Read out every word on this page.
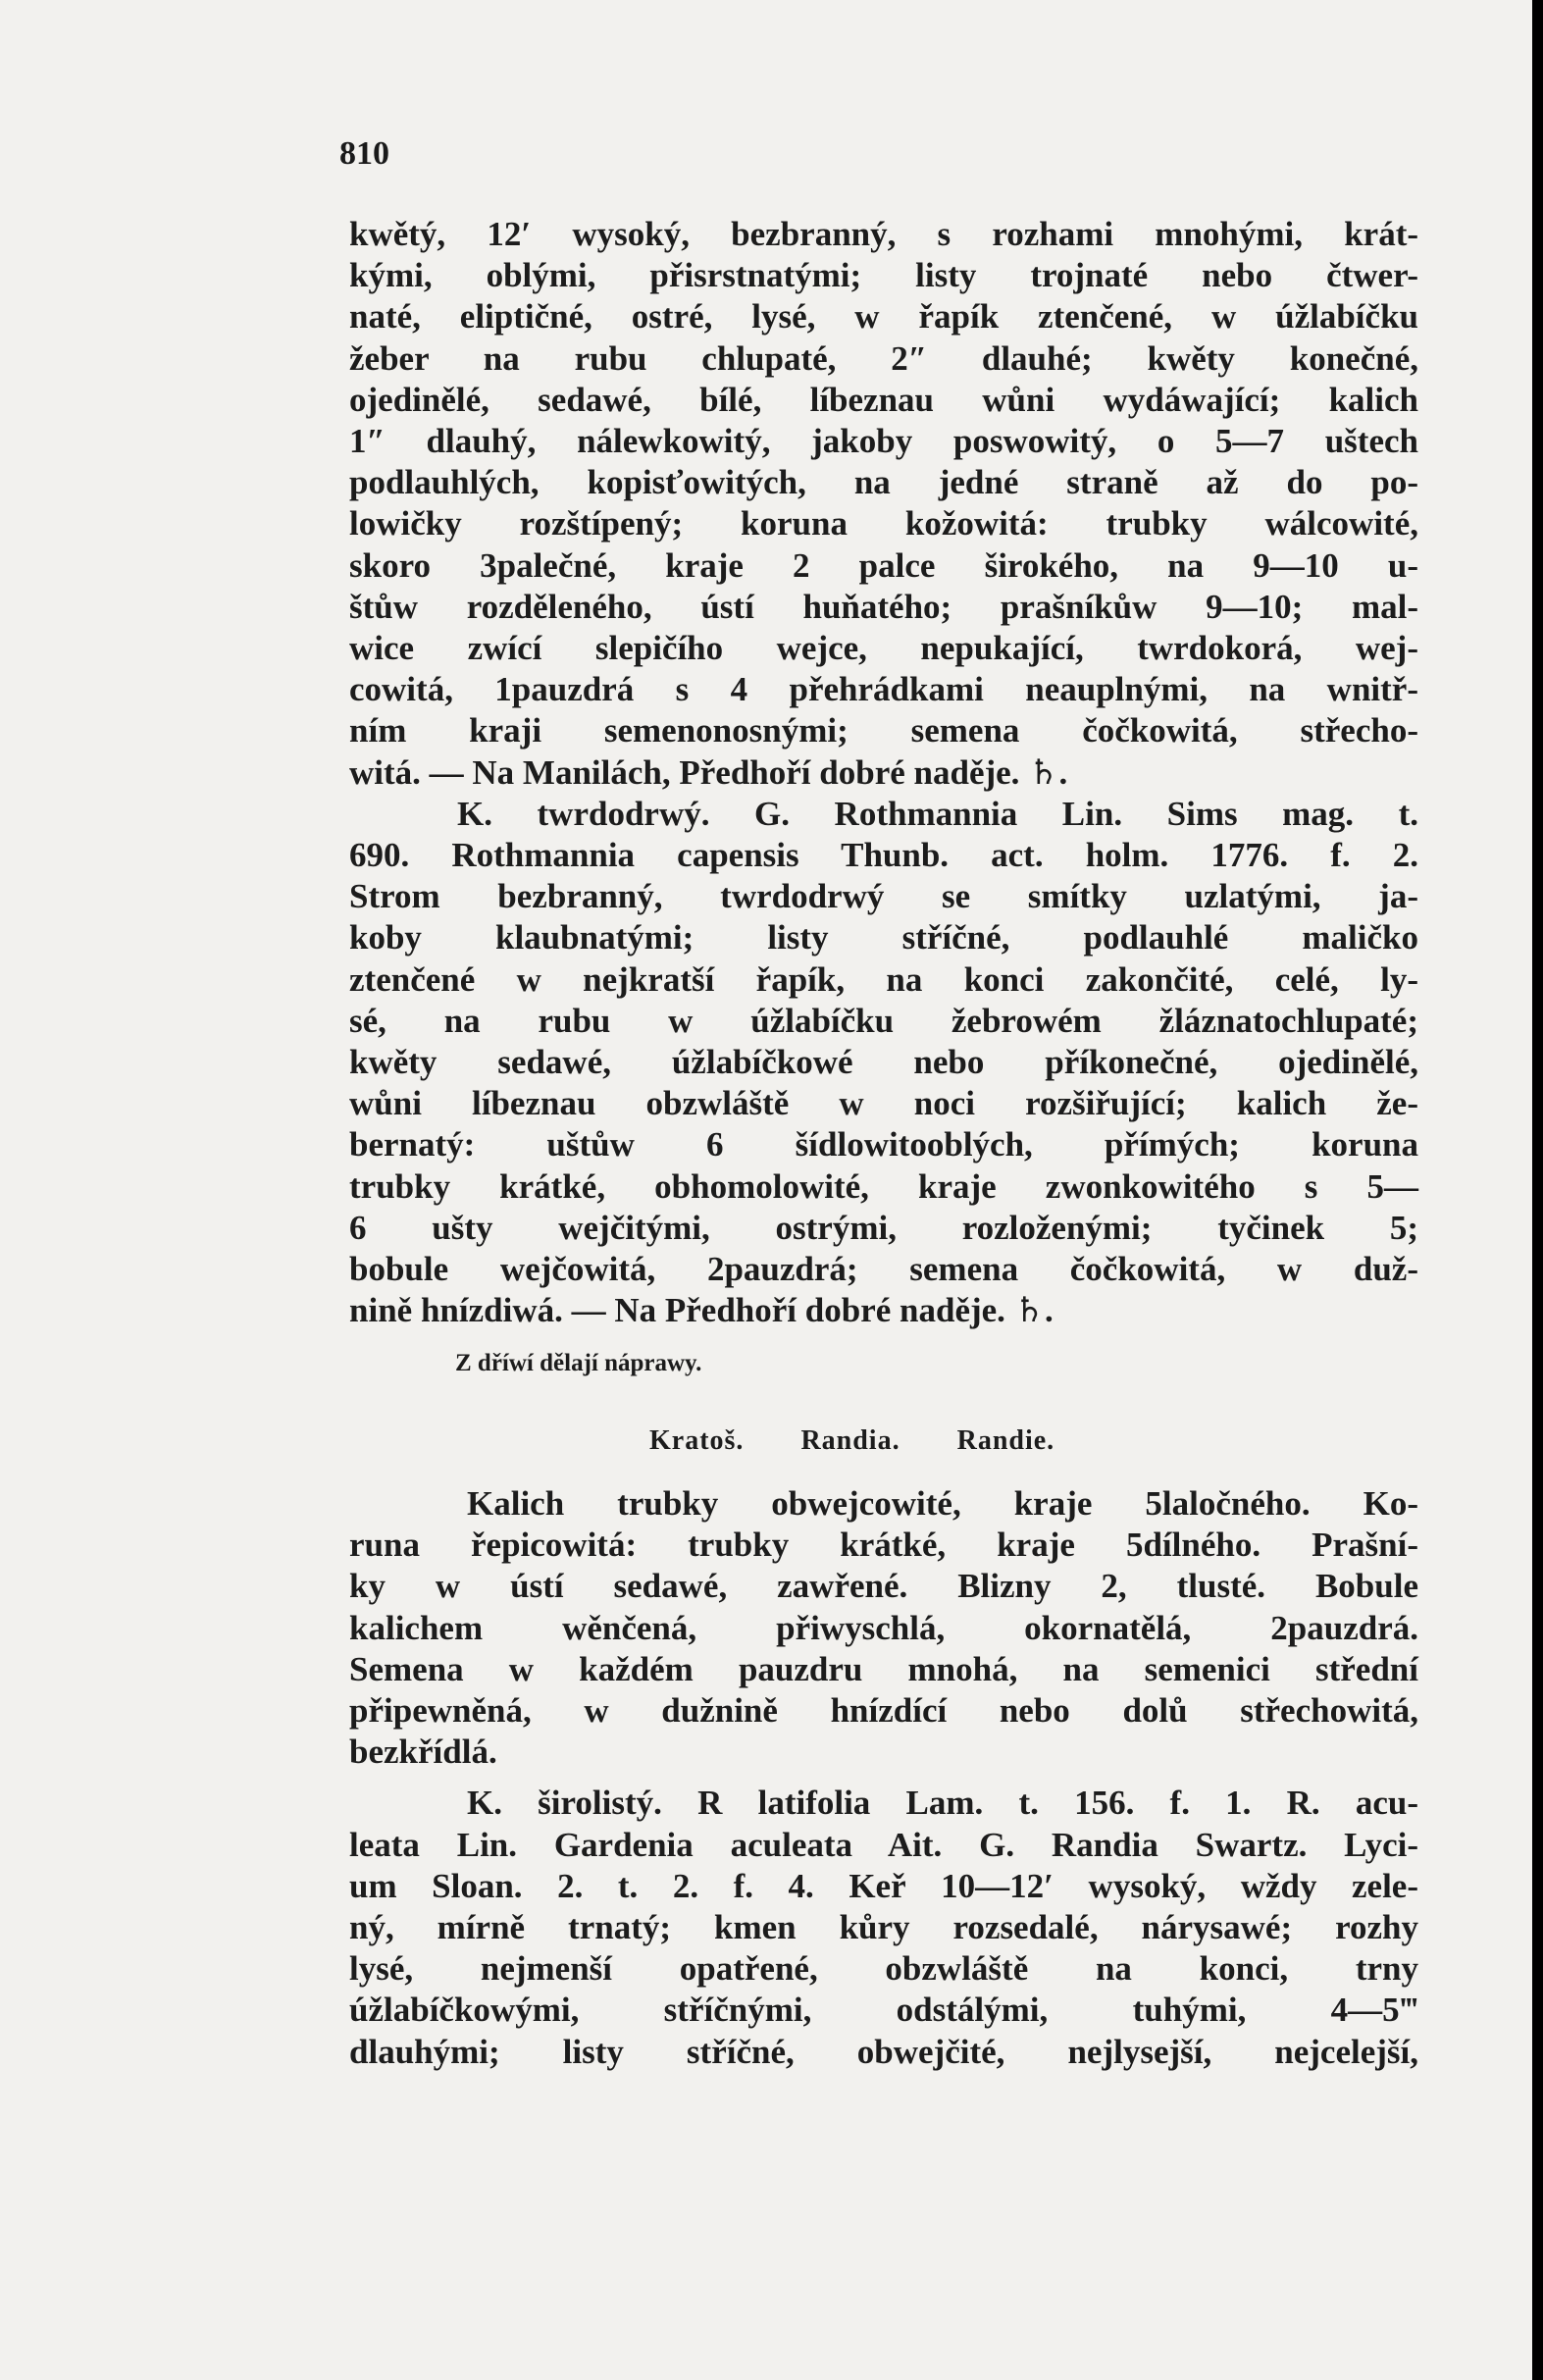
810
kwětý, 12′ wysoký, bezbranný, s rozhami mnohými, krát-
kými, oblými, přisrstnatými; listy trojnaté nebo čtwer-
naté, eliptičné, ostré, lysé, w řapík ztenčené, w úžlabíčku
žeber na rubu chlupaté, 2″ dlauhé; kwěty konečné,
ojedinělé, sedawé, bílé, líbeznau wůni wydáwající; kalich
1″ dlauhý, nálewkowitý, jakoby poswowitý, o 5—7 uštech
podlauhlých, kopisťowitých, na jedné straně až do po-
lowičky rozštípený; koruna kožowitá: trubky wálcowité,
skoro 3palečné, kraje 2 palce širokého, na 9—10 u-
štůw rozděleného, ústí huňatého; prašníkůw 9—10; mal-
wice zwící slepičího wejce, nepukající, twrdokorá, wej-
cowitá, 1pauzdrá s 4 přehrádkami neauplnými, na wnitř-
ním kraji semenonosnými; semena čočkowitá, střecho-
witá. — Na Manilách, Předhoří dobré naděje. ♄.
K. twrdodrwý. G. Rothmannia Lin. Sims mag. t.
690. Rothmannia capensis Thunb. act. holm. 1776. f. 2.
Strom bezbranný, twrdodrwý se smítky uzlatými, ja-
koby klaubnatými; listy stříčné, podlauhlé maličko
ztenčené w nejkratší řapík, na konci zakončité, celé, ly-
sé, na rubu w úžlabíčku žebrowém žláznatochlupaté;
kwěty sedawé, úžlabíčkowé nebo příkonečné, ojedinělé,
wůni líbeznau obzwláště w noci rozšiřující; kalich že-
bernatý: uštůw 6 šídlowitooblých, přímých; koruna
trubky krátké, obhomolowité, kraje zwonkowitého s 5—
6 ušty wejčitými, ostrými, rozloženými; tyčinek 5;
bobule wejčowitá, 2pauzdrá; semena čočkowitá, w duž-
nině hnízdiwá. — Na Předhoří dobré naděje. ♄.
Z dříwí dělají náprawy.
Kratoš. Randia. Randie.
Kalich trubky obwejcowité, kraje 5laločného. Ko-
runa řepicowitá: trubky krátké, kraje 5dílného. Prašní-
ky w ústí sedawé, zawřené. Blizny 2, tlusté. Bobule
kalichem wěnčená, přiwyschlá, okornatělá, 2pauzdrá.
Semena w každém pauzdru mnohá, na semenici střední
připewněná, w dužnině hnízdící nebo dolů střechowitá,
bezkřídlá.
K. širolistý. R latifolia Lam. t. 156. f. 1. R. acu-
leata Lin. Gardenia aculeata Ait. G. Randia Swartz. Lyci-
um Sloan. 2. t. 2. f. 4. Keř 10—12′ wysoký, wždy zele-
ný, mírně trnatý; kmen kůry rozsedalé, nárysawé; rozhy
lysé, nejmenší opatřené, obzwláště na konci, trny
úžlabíčkowými, stříčnými, odstálými, tuhými, 4—5‴
dlauhými; listy stříčné, obwejčité, nejlysejší, nejcelejší,
